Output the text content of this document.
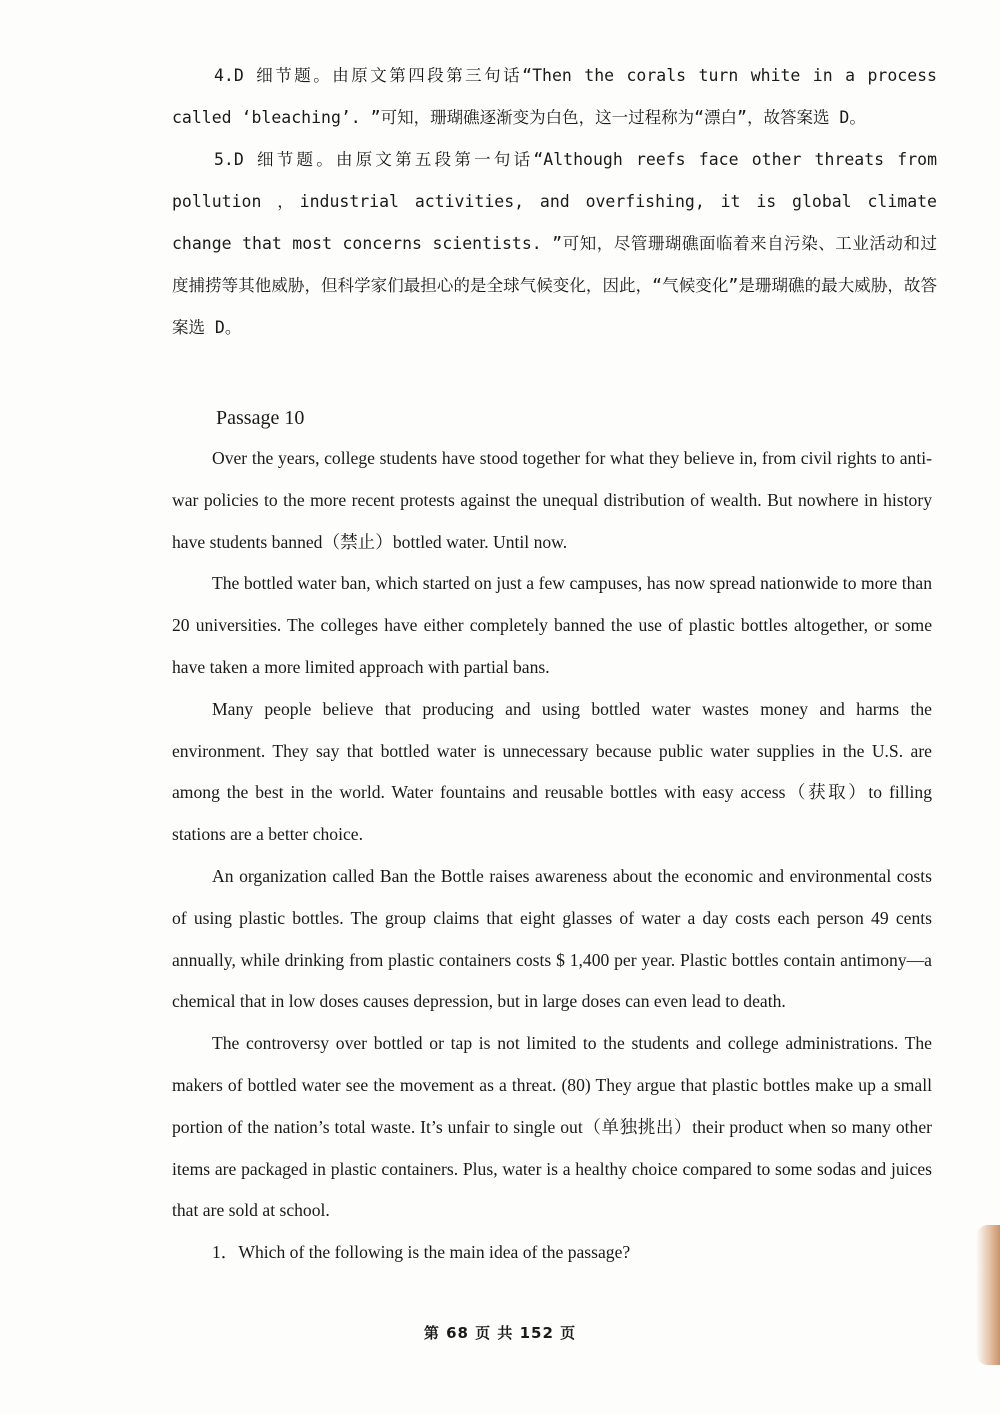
4.D 细节题。由原文第四段第三句话“Then the corals turn white in a process called ‘bleaching’. ”可知，珊瑚礁逐渐变为白色，这一过程称为“漂白”，故答案选 D。

5.D 细节题。由原文第五段第一句话“Although reefs face other threats from pollution ，industrial activities, and overfishing, it is global climate change that most concerns scientists. ”可知，尽管珊瑚礁面临着来自污染、工业活动和过度捕捞等其他威胁，但科学家们最担心的是全球气候变化，因此，“气候变化”是珊瑚礁的最大威胁，故答案选 D。

Passage 10

Over the years, college students have stood together for what they believe in, from civil rights to anti-war policies to the more recent protests against the unequal distribution of wealth. But nowhere in history have students banned（禁止）bottled water. Until now.

The bottled water ban, which started on just a few campuses, has now spread nationwide to more than 20 universities. The colleges have either completely banned the use of plastic bottles altogether, or some have taken a more limited approach with partial bans.

Many people believe that producing and using bottled water wastes money and harms the environment. They say that bottled water is unnecessary because public water supplies in the U.S. are among the best in the world. Water fountains and reusable bottles with easy access（获取）to filling stations are a better choice.

An organization called Ban the Bottle raises awareness about the economic and environmental costs of using plastic bottles. The group claims that eight glasses of water a day costs each person 49 cents annually, while drinking from plastic containers costs $ 1,400 per year. Plastic bottles contain antimony—a chemical that in low doses causes depression, but in large doses can even lead to death.

The controversy over bottled or tap is not limited to the students and college administrations. The makers of bottled water see the movement as a threat. (80) They argue that plastic bottles make up a small portion of the nation’s total waste. It’s unfair to single out（单独挑出）their product when so many other items are packaged in plastic containers. Plus, water is a healthy choice compared to some sodas and juices that are sold at school.

1．Which of the following is the main idea of the passage?

第 68 页 共 152 页
